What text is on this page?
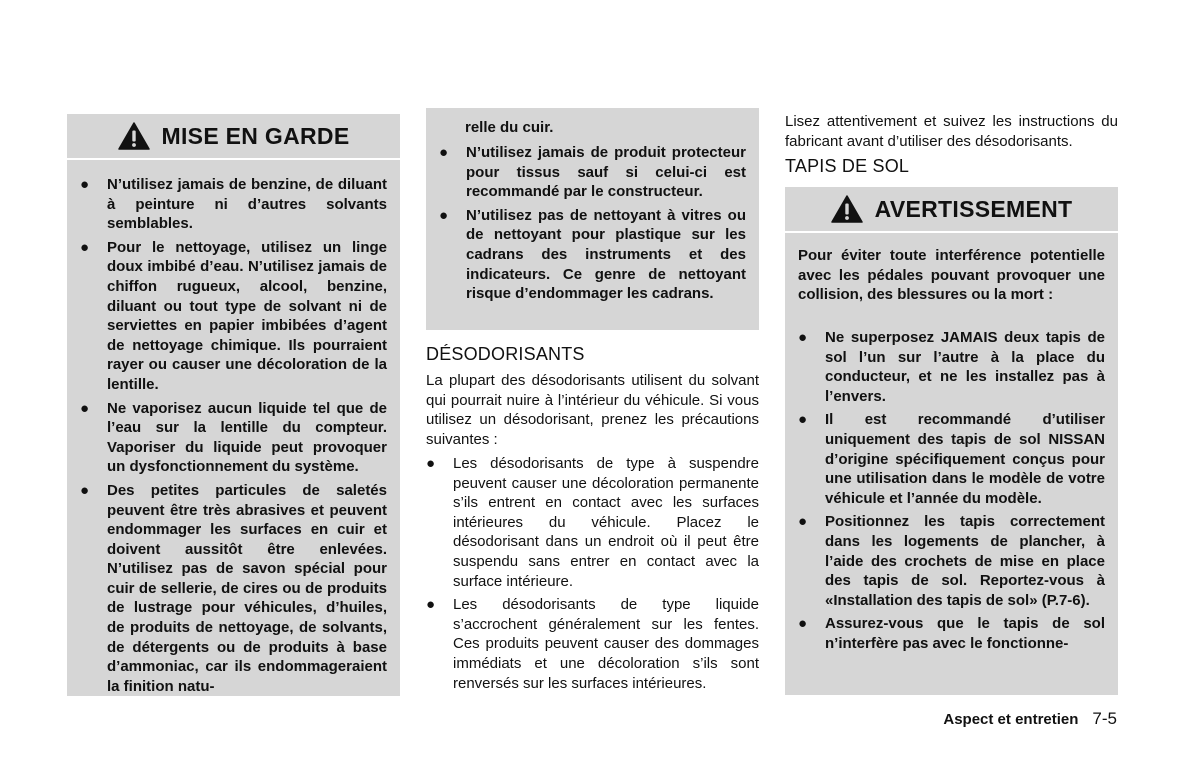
MISE EN GARDE
● N’utilisez jamais de benzine, de diluant à peinture ni d’autres solvants semblables.
● Pour le nettoyage, utilisez un linge doux imbibé d’eau. N’utilisez jamais de chiffon rugueux, alcool, benzine, diluant ou tout type de solvant ni de serviettes en papier imbibées d’agent de nettoyage chimique. Ils pourraient rayer ou causer une décoloration de la lentille.
● Ne vaporisez aucun liquide tel que de l’eau sur la lentille du compteur. Vaporiser du liquide peut provoquer un dysfonctionnement du système.
● Des petites particules de saletés peuvent être très abrasives et peuvent endommager les surfaces en cuir et doivent aussitôt être enlevées. N’utilisez pas de savon spécial pour cuir de sellerie, de cires ou de produits de lustrage pour véhicules, d’huiles, de produits de nettoyage, de solvants, de détergents ou de produits à base d’ammoniac, car ils endommageraient la finition natu-
relle du cuir.
● N’utilisez jamais de produit protecteur pour tissus sauf si celui-ci est recommandé par le constructeur.
● N’utilisez pas de nettoyant à vitres ou de nettoyant pour plastique sur les cadrans des instruments et des indicateurs. Ce genre de nettoyant risque d’endommager les cadrans.
DÉSODORISANTS
La plupart des désodorisants utilisent du solvant qui pourrait nuire à l’intérieur du véhicule. Si vous utilisez un désodorisant, prenez les précautions suivantes :
● Les désodorisants de type à suspendre peuvent causer une décoloration permanente s’ils entrent en contact avec les surfaces intérieures du véhicule. Placez le désodorisant dans un endroit où il peut être suspendu sans entrer en contact avec la surface intérieure.
● Les désodorisants de type liquide s’accrochent généralement sur les fentes. Ces produits peuvent causer des dommages immédiats et une décoloration s’ils sont renversés sur les surfaces intérieures.
Lisez attentivement et suivez les instructions du fabricant avant d’utiliser des désodorisants.
TAPIS DE SOL
AVERTISSEMENT
Pour éviter toute interférence potentielle avec les pédales pouvant provoquer une collision, des blessures ou la mort :
● Ne superposez JAMAIS deux tapis de sol l’un sur l’autre à la place du conducteur, et ne les installez pas à l’envers.
● Il est recommandé d’utiliser uniquement des tapis de sol NISSAN d’origine spécifiquement conçus pour une utilisation dans le modèle de votre véhicule et l’année du modèle.
● Positionnez les tapis correctement dans les logements de plancher, à l’aide des crochets de mise en place des tapis de sol. Reportez-vous à «Installation des tapis de sol» (P.7-6).
● Assurez-vous que le tapis de sol n’interfère pas avec le fonctionne-
Aspect et entretien 7-5
